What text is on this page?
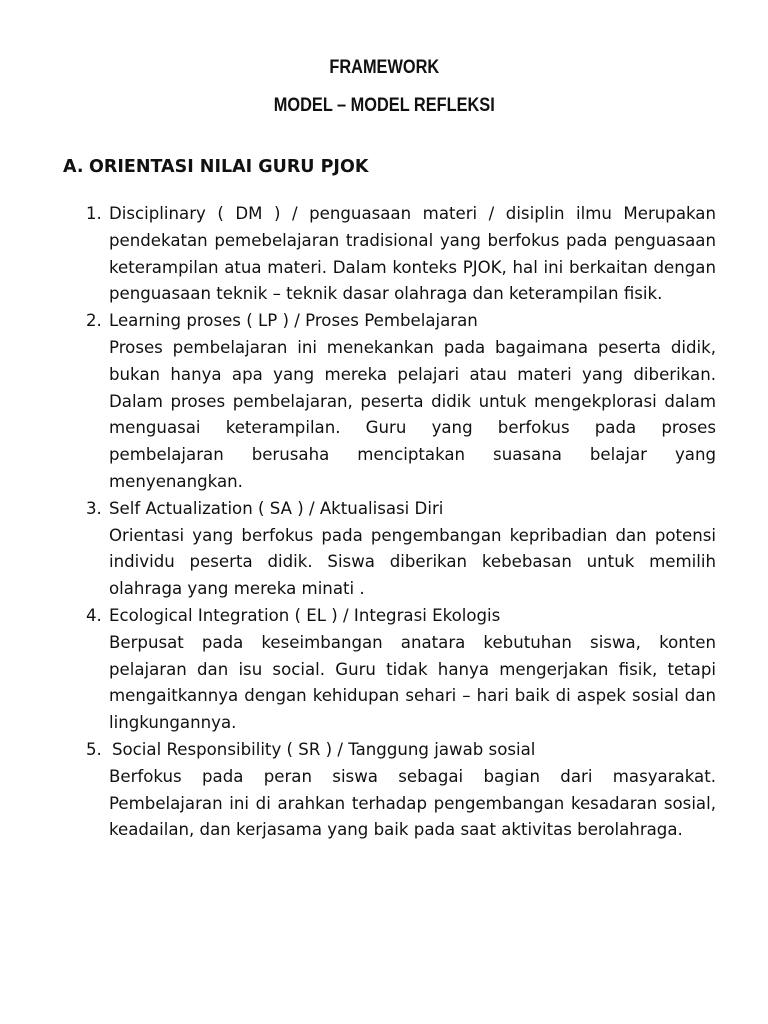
FRAMEWORK
MODEL – MODEL REFLEKSI
A. ORIENTASI NILAI GURU PJOK
1. Disciplinary ( DM ) / penguasaan materi / disiplin ilmu Merupakan pendekatan pemebelajaran tradisional yang berfokus pada penguasaan keterampilan atua materi. Dalam konteks PJOK, hal ini berkaitan dengan penguasaan teknik – teknik dasar olahraga dan keterampilan fisik.
2. Learning proses ( LP ) / Proses Pembelajaran
Proses pembelajaran ini menekankan pada bagaimana peserta didik, bukan hanya apa yang mereka pelajari atau materi yang diberikan. Dalam proses pembelajaran, peserta didik untuk mengekplorasi dalam menguasai keterampilan. Guru yang berfokus pada proses pembelajaran berusaha menciptakan suasana belajar yang menyenangkan.
3. Self Actualization ( SA ) / Aktualisasi Diri
Orientasi yang berfokus pada pengembangan kepribadian dan potensi individu peserta didik. Siswa diberikan kebebasan untuk memilih olahraga yang mereka minati .
4. Ecological Integration ( EL ) / Integrasi Ekologis
Berpusat pada keseimbangan anatara kebutuhan siswa, konten pelajaran dan isu social. Guru tidak hanya mengerjakan fisik, tetapi mengaitkannya dengan kehidupan sehari – hari baik di aspek sosial dan lingkungannya.
5. Social Responsibility ( SR ) / Tanggung jawab sosial
Berfokus pada peran siswa sebagai bagian dari masyarakat. Pembelajaran ini di arahkan terhadap pengembangan kesadaran sosial, keadailan, dan kerjasama yang baik pada saat aktivitas berolahraga.
